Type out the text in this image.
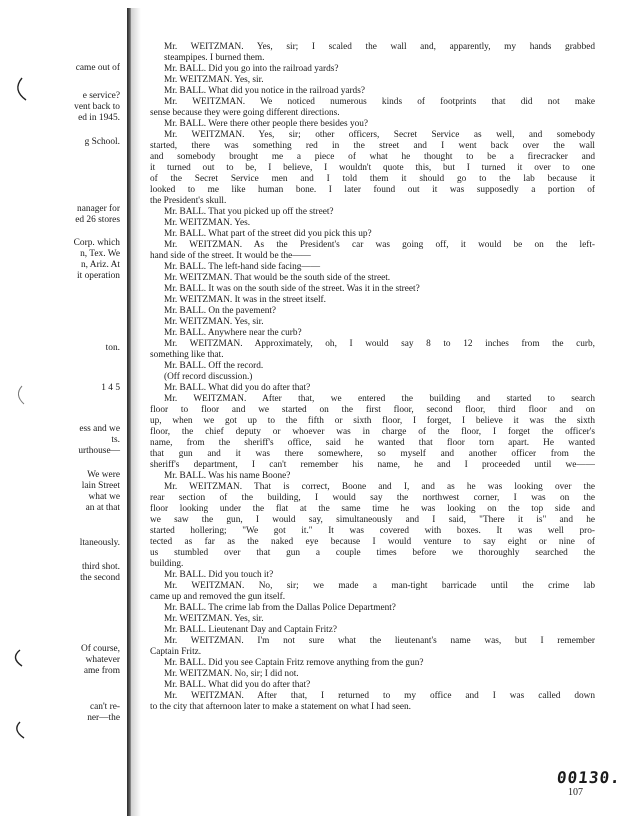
came out of
e service?
vent back to
ed in 1945.
g School.
nanager for
ed 26 stores
Corp. which
n, Tex. We
n, Ariz. At
it operation
ton.
1 4 5
ess and we
ts.
urthouse—
We were
lain Street
what we
an at that
ltaneously.
third shot.
the second
Of course,
whatever
ame from
can't re-
ner—the
Mr. WEITZMAN. Yes, sir; I scaled the wall and, apparently, my hands grabbed
steampipes. I burned them.
Mr. BALL. Did you go into the railroad yards?
Mr. WEITZMAN. Yes, sir.
Mr. BALL. What did you notice in the railroad yards?
Mr. WEITZMAN. We noticed numerous kinds of footprints that did not make
sense because they were going different directions.
Mr. BALL. Were there other people there besides you?
Mr. WEITZMAN. Yes, sir; other officers, Secret Service as well, and somebody
started, there was something red in the street and I went back over the wall
and somebody brought me a piece of what he thought to be a firecracker and
it turned out to be, I believe, I wouldn't quote this, but I turned it over to one
of the Secret Service men and I told them it should go to the lab because it
looked to me like human bone. I later found out it was supposedly a portion of
the President's skull.
Mr. BALL. That you picked up off the street?
Mr. WEITZMAN. Yes.
Mr. BALL. What part of the street did you pick this up?
Mr. WEITZMAN. As the President's car was going off, it would be on the left-
hand side of the street. It would be the——
Mr. BALL. The left-hand side facing——
Mr. WEITZMAN. That would be the south side of the street.
Mr. BALL. It was on the south side of the street. Was it in the street?
Mr. WEITZMAN. It was in the street itself.
Mr. BALL. On the pavement?
Mr. WEITZMAN. Yes, sir.
Mr. BALL. Anywhere near the curb?
Mr. WEITZMAN. Approximately, oh, I would say 8 to 12 inches from the curb,
something like that.
Mr. BALL. Off the record.
(Off record discussion.)
Mr. BALL. What did you do after that?
Mr. WEITZMAN. After that, we entered the building and started to search
floor to floor and we started on the first floor, second floor, third floor and on
up, when we got up to the fifth or sixth floor, I forget, I believe it was the sixth
floor, the chief deputy or whoever was in charge of the floor, I forget the officer's
name, from the sheriff's office, said he wanted that floor torn apart. He wanted
that gun and it was there somewhere, so myself and another officer from the
sheriff's department, I can't remember his name, he and I proceeded until we——
Mr. BALL. Was his name Boone?
Mr. WEITZMAN. That is correct, Boone and I, and as he was looking over the
rear section of the building, I would say the northwest corner, I was on the
floor looking under the flat at the same time he was looking on the top side and
we saw the gun, I would say, simultaneously and I said, "There it is" and he
started hollering; "We got it." It was covered with boxes. It was well pro-
tected as far as the naked eye because I would venture to say eight or nine of
us stumbled over that gun a couple times before we thoroughly searched the
building.
Mr. BALL. Did you touch it?
Mr. WEITZMAN. No, sir; we made a man-tight barricade until the crime lab
came up and removed the gun itself.
Mr. BALL. The crime lab from the Dallas Police Department?
Mr. WEITZMAN. Yes, sir.
Mr. BALL. Lieutenant Day and Captain Fritz?
Mr. WEITZMAN. I'm not sure what the lieutenant's name was, but I remember
Captain Fritz.
Mr. BALL. Did you see Captain Fritz remove anything from the gun?
Mr. WEITZMAN. No, sir; I did not.
Mr. BALL. What did you do after that?
Mr. WEITZMAN. After that, I returned to my office and I was called down
to the city that afternoon later to make a statement on what I had seen.
00130.
107
